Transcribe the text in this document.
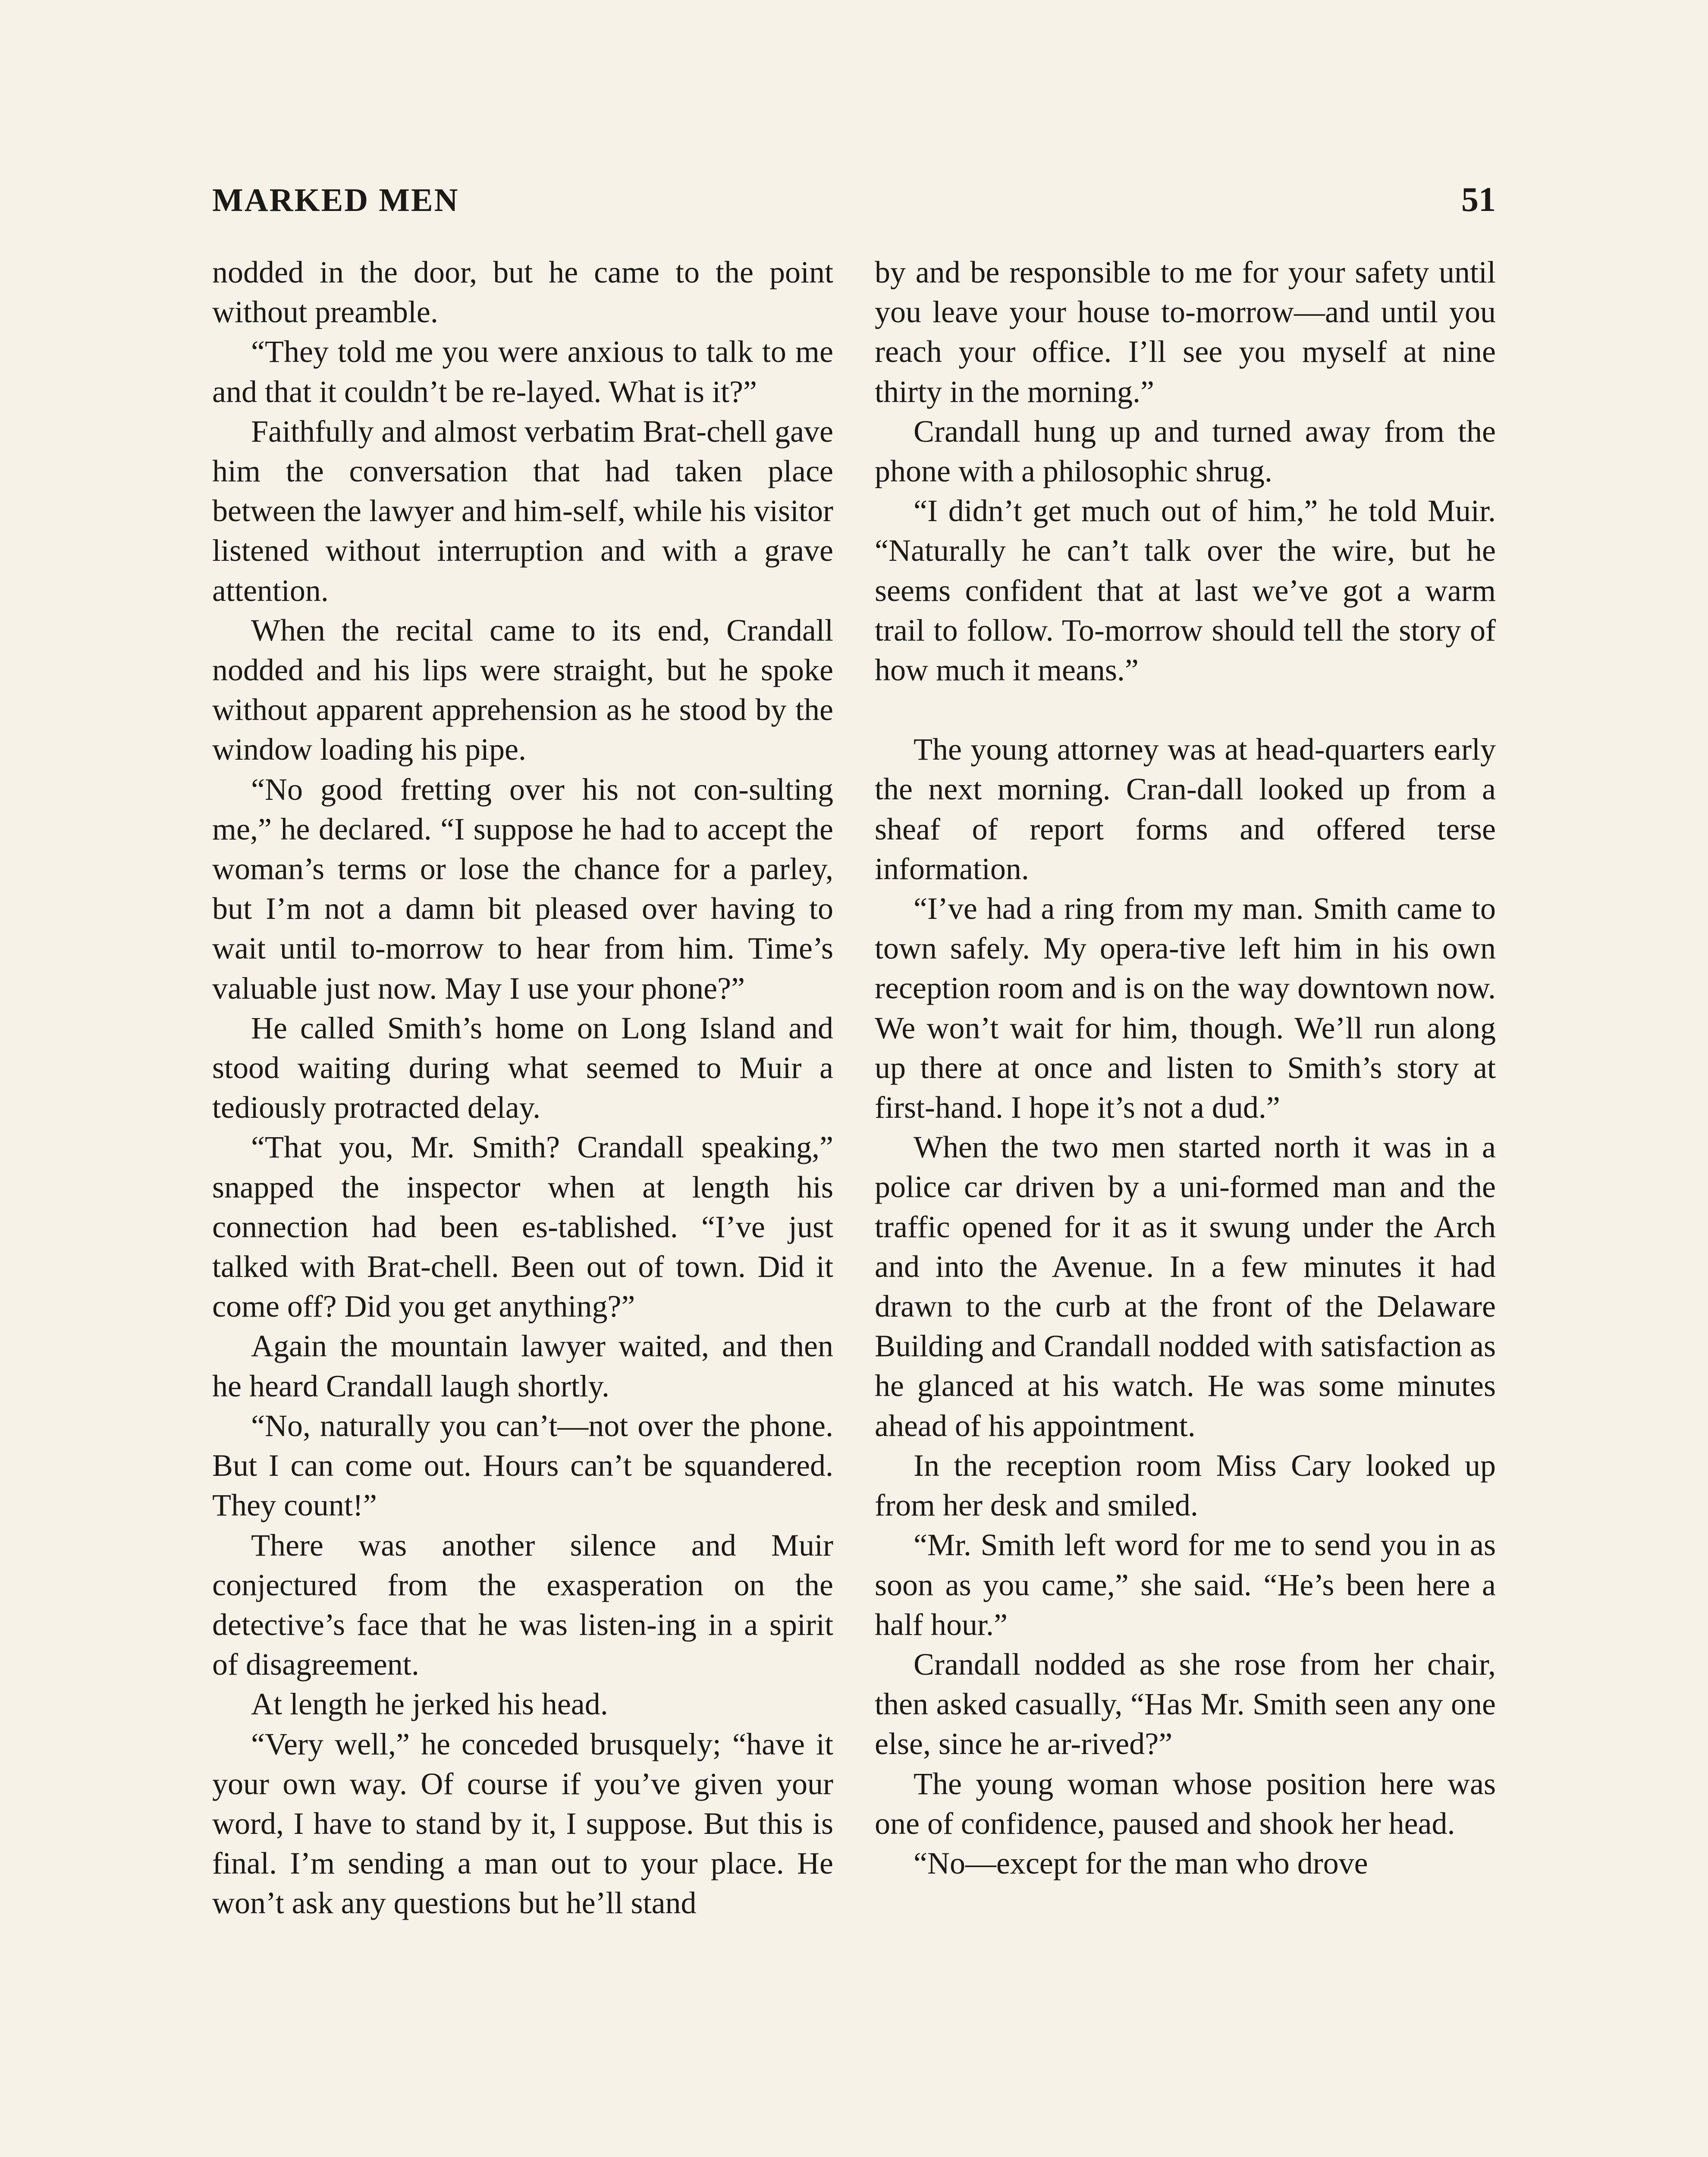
MARKED MEN	51

nodded in the door, but he came to the point without preamble.

“They told me you were anxious to talk to me and that it couldn’t be re-layed. What is it?”

Faithfully and almost verbatim Brat-chell gave him the conversation that had taken place between the lawyer and him-self, while his visitor listened without interruption and with a grave attention.

When the recital came to its end, Crandall nodded and his lips were straight, but he spoke without apparent apprehension as he stood by the window loading his pipe.

“No good fretting over his not con-sulting me,” he declared. “I suppose he had to accept the woman’s terms or lose the chance for a parley, but I’m not a damn bit pleased over having to wait until to-morrow to hear from him. Time’s valuable just now. May I use your phone?”

He called Smith’s home on Long Island and stood waiting during what seemed to Muir a tediously protracted delay.

“That you, Mr. Smith? Crandall speaking,” snapped the inspector when at length his connection had been es-tablished. “I’ve just talked with Brat-chell. Been out of town. Did it come off? Did you get anything?”

Again the mountain lawyer waited, and then he heard Crandall laugh shortly.

“No, naturally you can’t—not over the phone. But I can come out. Hours can’t be squandered. They count!”

There was another silence and Muir conjectured from the exasperation on the detective’s face that he was listen-ing in a spirit of disagreement.

At length he jerked his head.

“Very well,” he conceded brusquely; “have it your own way. Of course if you’ve given your word, I have to stand by it, I suppose. But this is final. I’m sending a man out to your place. He won’t ask any questions but he’ll stand

by and be responsible to me for your safety until you leave your house to-morrow—and until you reach your office. I’ll see you myself at nine thirty in the morning.”

Crandall hung up and turned away from the phone with a philosophic shrug.

“I didn’t get much out of him,” he told Muir. “Naturally he can’t talk over the wire, but he seems confident that at last we’ve got a warm trail to follow. To-morrow should tell the story of how much it means.”

The young attorney was at head-quarters early the next morning. Cran-dall looked up from a sheaf of report forms and offered terse information.

“I’ve had a ring from my man. Smith came to town safely. My opera-tive left him in his own reception room and is on the way downtown now. We won’t wait for him, though. We’ll run along up there at once and listen to Smith’s story at first-hand. I hope it’s not a dud.”

When the two men started north it was in a police car driven by a uni-formed man and the traffic opened for it as it swung under the Arch and into the Avenue. In a few minutes it had drawn to the curb at the front of the Delaware Building and Crandall nodded with satisfaction as he glanced at his watch. He was some minutes ahead of his appointment.

In the reception room Miss Cary looked up from her desk and smiled.

“Mr. Smith left word for me to send you in as soon as you came,” she said. “He’s been here a half hour.”

Crandall nodded as she rose from her chair, then asked casually, “Has Mr. Smith seen any one else, since he ar-rived?”

The young woman whose position here was one of confidence, paused and shook her head.

“No—except for the man who drove
